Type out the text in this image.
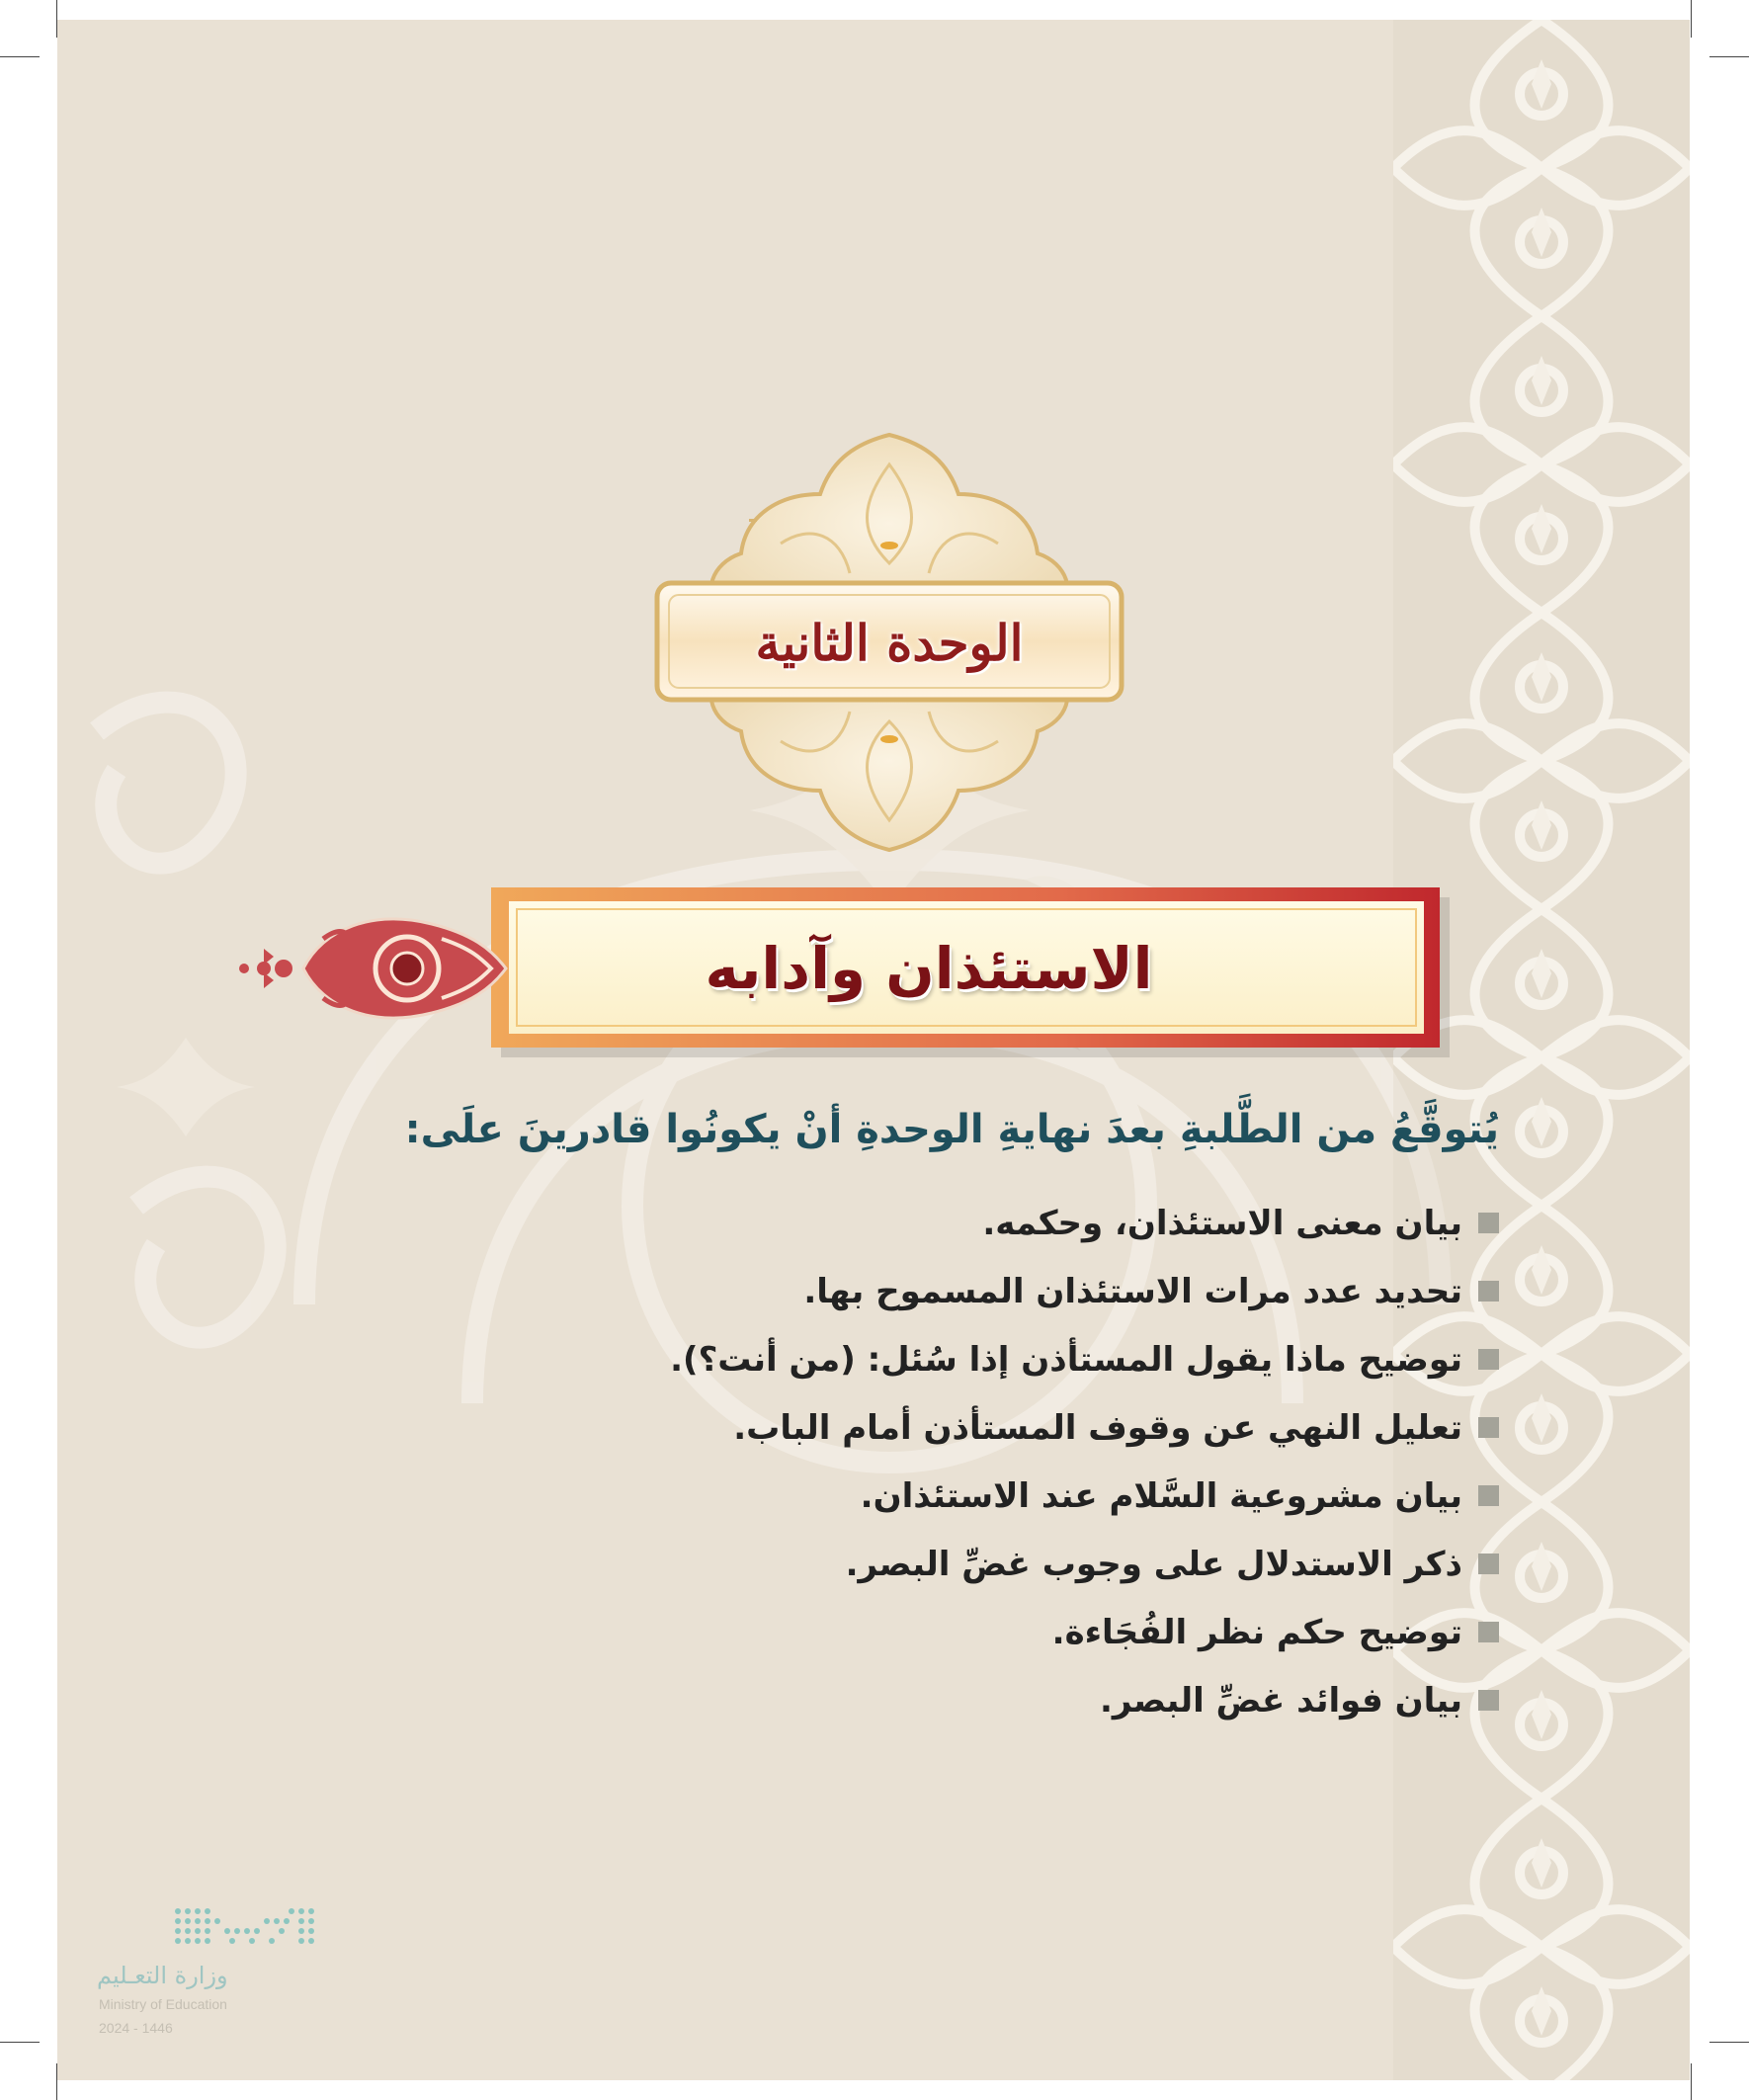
الوحدة الثانية
الاستئذان وآدابه
يُتوقَّعُ من الطَّلبةِ بعدَ نهايةِ الوحدةِ أنْ يكونُوا قادرينَ علَى:
بيان معنى الاستئذان، وحكمه.
تحديد عدد مرات الاستئذان المسموح بها.
توضيح ماذا يقول المستأذن إذا سُئل: (من أنت؟).
تعليل النهي عن وقوف المستأذن أمام الباب.
بيان مشروعية السَّلام عند الاستئذان.
ذكر الاستدلال على وجوب غضِّ البصر.
توضيح حكم نظر الفُجَاءة.
بيان فوائد غضِّ البصر.
وزارة التعـليم
Ministry of Education
2024 - 1446
